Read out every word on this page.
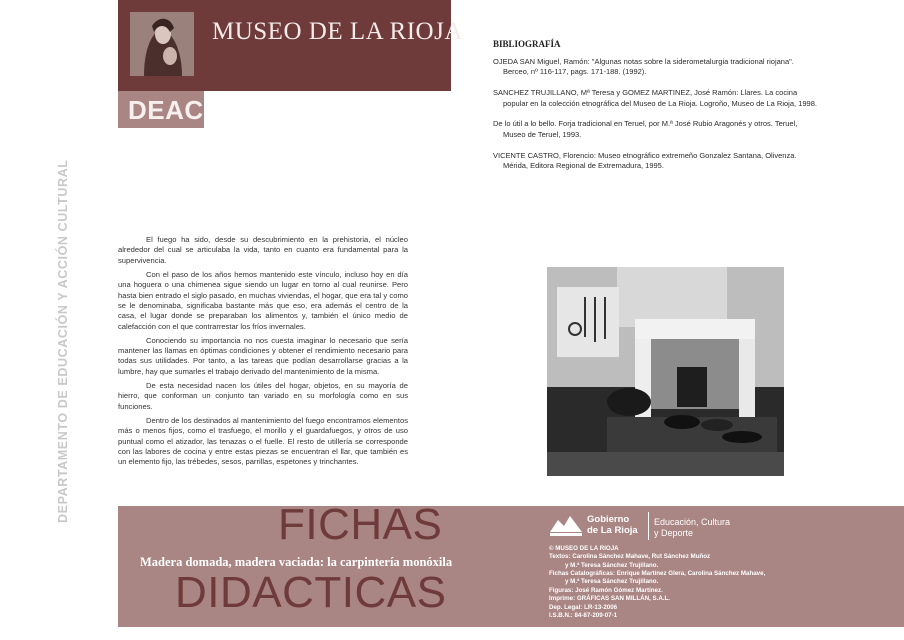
MUSEO DE LA RIOJA
DEAC
DEPARTAMENTO DE EDUCACIÓN Y ACCIÓN CULTURAL
BIBLIOGRAFÍA

OJEDA SAN Miguel, Ramón: "Algunas notas sobre la siderometalurgia tradicional riojana". Berceo, nº 116-117, pags. 171-188. (1992).

SANCHEZ TRUJILLANO, Mª Teresa y GOMEZ MARTINEZ, José Ramón: Llares. La cocina popular en la colección etnográfica del Museo de La Rioja. Logroño, Museo de La Rioja, 1998.

De lo útil a lo bello. Forja tradicional en Teruel, por M.ª José Rubio Aragonés y otros. Teruel, Museo de Teruel, 1993.

VICENTE CASTRO, Florencio: Museo etnográfico extremeño Gonzalez Santana, Olivenza. Mérida, Editora Regional de Extremadura, 1995.

El fuego ha sido, desde su descubrimiento en la prehistoria, el núcleo alrededor del cual se articulaba la vida, tanto en cuanto era fundamental para la supervivencia.

Con el paso de los años hemos mantenido este vínculo, incluso hoy en día una hoguera o una chimenea sigue siendo un lugar en torno al cual reunirse. Pero hasta bien entrado el siglo pasado, en muchas viviendas, el hogar, que era tal y como se le denominaba, significaba bastante más que eso, era además el centro de la casa, el lugar donde se preparaban los alimentos y, también el único medio de calefacción con el que contrarrestar los fríos invernales.

Conociendo su importancia no nos cuesta imaginar lo necesario que sería mantener las llamas en óptimas condiciones y obtener el rendimiento necesario para todas sus utilidades. Por tanto, a las tareas que podían desarrollarse gracias a la lumbre, hay que sumarles el trabajo derivado del mantenimiento de la misma.

De esta necesidad nacen los útiles del hogar, objetos, en su mayoría de hierro, que conforman un conjunto tan variado en su morfología como en sus funciones.

Dentro de los destinados al mantenimiento del fuego encontramos elementos más o menos fijos, como el trasfuego, el morillo y el guardafuegos, y otros de uso puntual como el atizador, las tenazas o el fuelle. El resto de utillería se corresponde con las labores de cocina y entre estas piezas se encuentran el llar, que también es un elemento fijo, las trébedes, sesos, parrillas, espetones y trinchantes.

FICHAS
DIDACTICAS
Madera domada, madera vaciada: la carpintería monóxila
Gobierno
de La Rioja
Educación, Cultura
y Deporte

© MUSEO DE LA RIOJA

Textos: Carolina Sánchez Mahave, Rut Sánchez Muñoz

y M.ª Teresa Sánchez Trujillano.

Fichas Catalográficas: Enrique Martínez Glera, Carolina Sánchez Mahave,

y M.ª Teresa Sánchez Trujillano.

Figuras: José Ramón Gómez Martínez.

Imprime: GRÁFICAS SAN MILLÁN, S.A.L.

Dep. Legal: LR-13-2006

I.S.B.N.: 84-87-209-07-1
